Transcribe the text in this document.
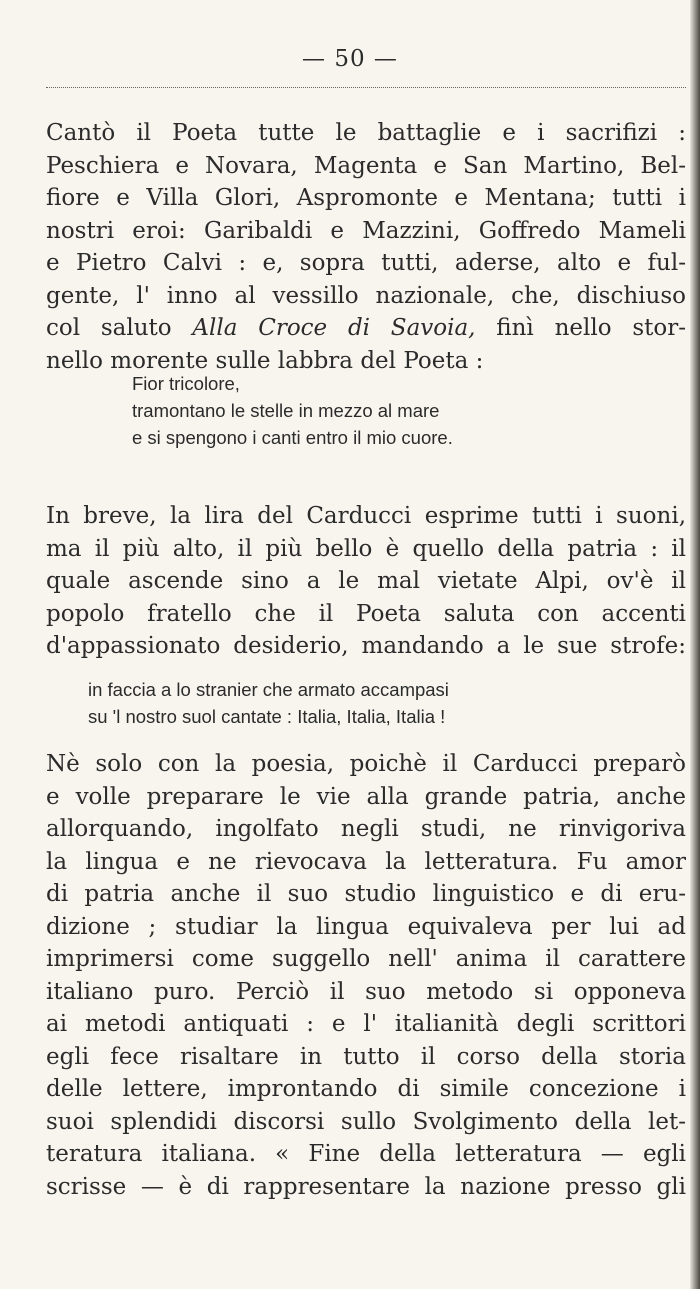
— 50 —
Cantò il Poeta tutte le battaglie e i sacrifizi :
Peschiera e Novara, Magenta e San Martino, Bel-
fiore e Villa Glori, Aspromonte e Mentana; tutti i
nostri eroi: Garibaldi e Mazzini, Goffredo Mameli
e Pietro Calvi : e, sopra tutti, aderse, alto e ful-
gente, l' inno al vessillo nazionale, che, dischiuso
col saluto Alla Croce di Savoia, finì nello stor-
nello morente sulle labbra del Poeta :
Fior tricolore,
tramontano le stelle in mezzo al mare
e si spengono i canti entro il mio cuore.
In breve, la lira del Carducci esprime tutti i suoni,
ma il più alto, il più bello è quello della patria : il
quale ascende sino a le mal vietate Alpi, ov'è il
popolo fratello che il Poeta saluta con accenti
d'appassionato desiderio, mandando a le sue strofe:
in faccia a lo stranier che armato accampasi
su 'l nostro suol cantate : Italia, Italia, Italia !
Nè solo con la poesia, poichè il Carducci preparò
e volle preparare le vie alla grande patria, anche
allorquando, ingolfato negli studi, ne rinvigoriva
la lingua e ne rievocava la letteratura. Fu amor
di patria anche il suo studio linguistico e di eru-
dizione ; studiar la lingua equivaleva per lui ad
imprimersi come suggello nell' anima il carattere
italiano puro. Perciò il suo metodo si opponeva
ai metodi antiquati : e l' italianità degli scrittori
egli fece risaltare in tutto il corso della storia
delle lettere, improntando di simile concezione i
suoi splendidi discorsi sullo Svolgimento della let-
teratura italiana. « Fine della letteratura — egli
scrisse — è di rappresentare la nazione presso gli
